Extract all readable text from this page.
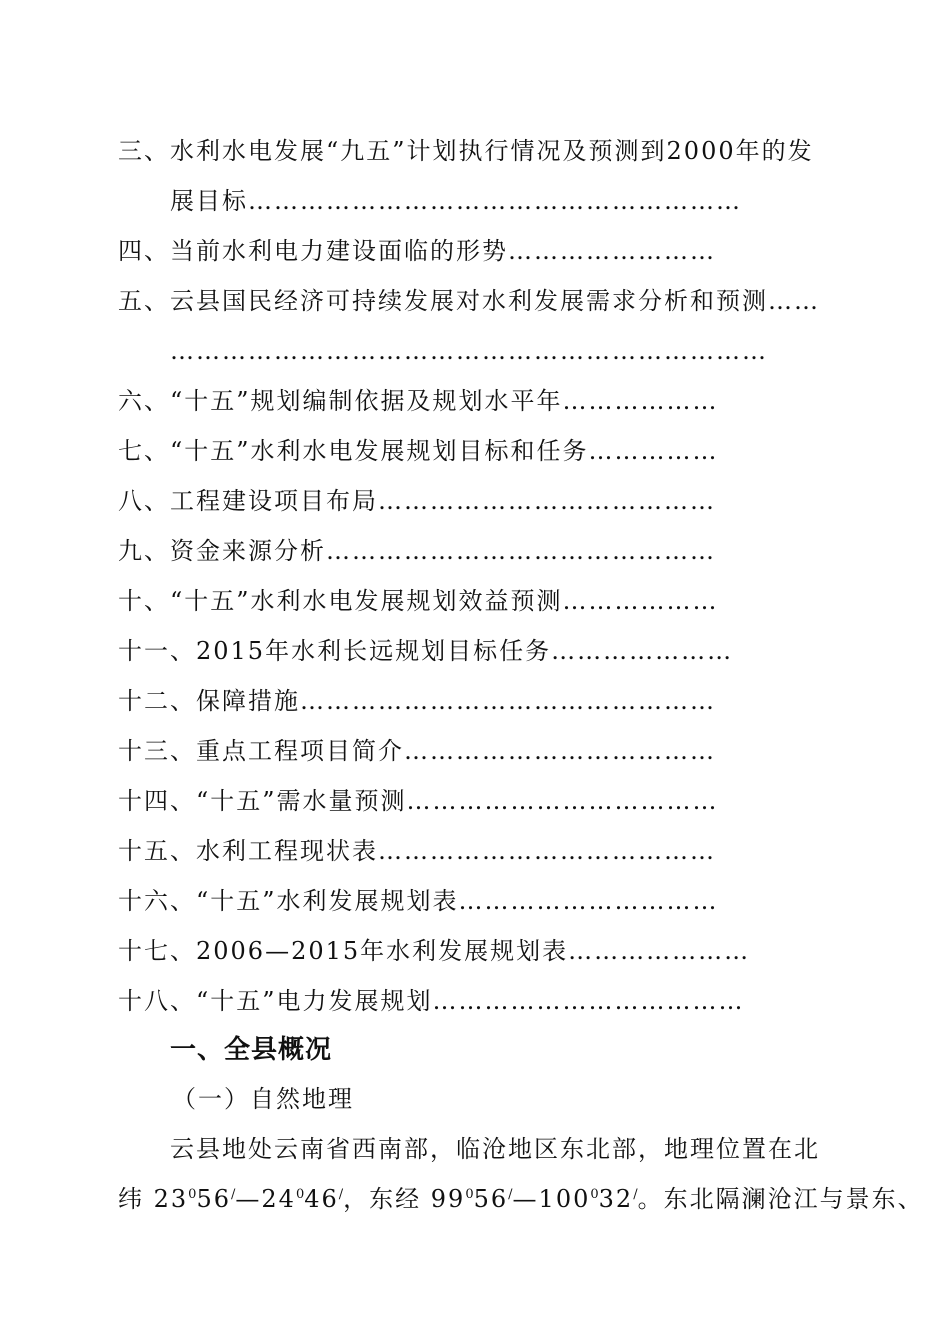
三、水利水电发展“九五”计划执行情况及预测到2000年的发
展目标…………………………………………………
四、当前水利电力建设面临的形势……………………
五、云县国民经济可持续发展对水利发展需求分析和预测……
……………………………………………………………
六、“十五”规划编制依据及规划水平年………………
七、“十五”水利水电发展规划目标和任务……………
八、工程建设项目布局…………………………………
九、资金来源分析………………………………………
十、“十五”水利水电发展规划效益预测………………
十一、2015年水利长远规划目标任务…………………
十二、保障措施…………………………………………
十三、重点工程项目简介………………………………
十四、“十五”需水量预测………………………………
十五、水利工程现状表…………………………………
十六、“十五”水利发展规划表…………………………
十七、2006—2015年水利发展规划表…………………
十八、“十五”电力发展规划………………………………
一、全县概况
（一）自然地理
云县地处云南省西南部，临沧地区东北部，地理位置在北
纬 $23^056^/—24^046^/$，东经 $99^056^/—100^032^/$。东北隔澜沧江与景东、
